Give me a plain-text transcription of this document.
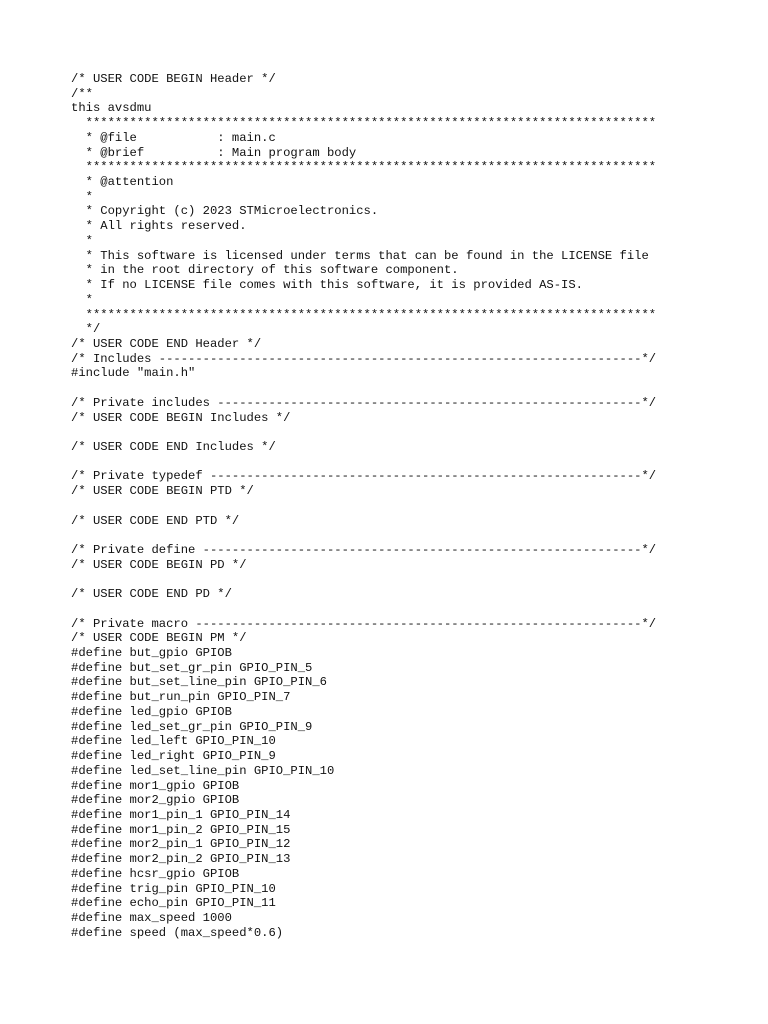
/* USER CODE BEGIN Header */
/**
this avsdmu
******************************************************************************
* @file           : main.c
* @brief          : Main program body
******************************************************************************
* @attention
*
* Copyright (c) 2023 STMicroelectronics.
* All rights reserved.
*
* This software is licensed under terms that can be found in the LICENSE file
* in the root directory of this software component.
* If no LICENSE file comes with this software, it is provided AS-IS.
*
******************************************************************************
*/
/* USER CODE END Header */
/* Includes ------------------------------------------------------------------*/
#include "main.h"
/* Private includes ----------------------------------------------------------*/
/* USER CODE BEGIN Includes */
/* USER CODE END Includes */
/* Private typedef -----------------------------------------------------------*/
/* USER CODE BEGIN PTD */
/* USER CODE END PTD */
/* Private define ------------------------------------------------------------*/
/* USER CODE BEGIN PD */
/* USER CODE END PD */
/* Private macro -------------------------------------------------------------*/
/* USER CODE BEGIN PM */
#define but_gpio GPIOB
#define but_set_gr_pin GPIO_PIN_5
#define but_set_line_pin GPIO_PIN_6
#define but_run_pin GPIO_PIN_7
#define led_gpio GPIOB
#define led_set_gr_pin GPIO_PIN_9
#define led_left GPIO_PIN_10
#define led_right GPIO_PIN_9
#define led_set_line_pin GPIO_PIN_10
#define mor1_gpio GPIOB
#define mor2_gpio GPIOB
#define mor1_pin_1 GPIO_PIN_14
#define mor1_pin_2 GPIO_PIN_15
#define mor2_pin_1 GPIO_PIN_12
#define mor2_pin_2 GPIO_PIN_13
#define hcsr_gpio GPIOB
#define trig_pin GPIO_PIN_10
#define echo_pin GPIO_PIN_11
#define max_speed 1000
#define speed (max_speed*0.6)
